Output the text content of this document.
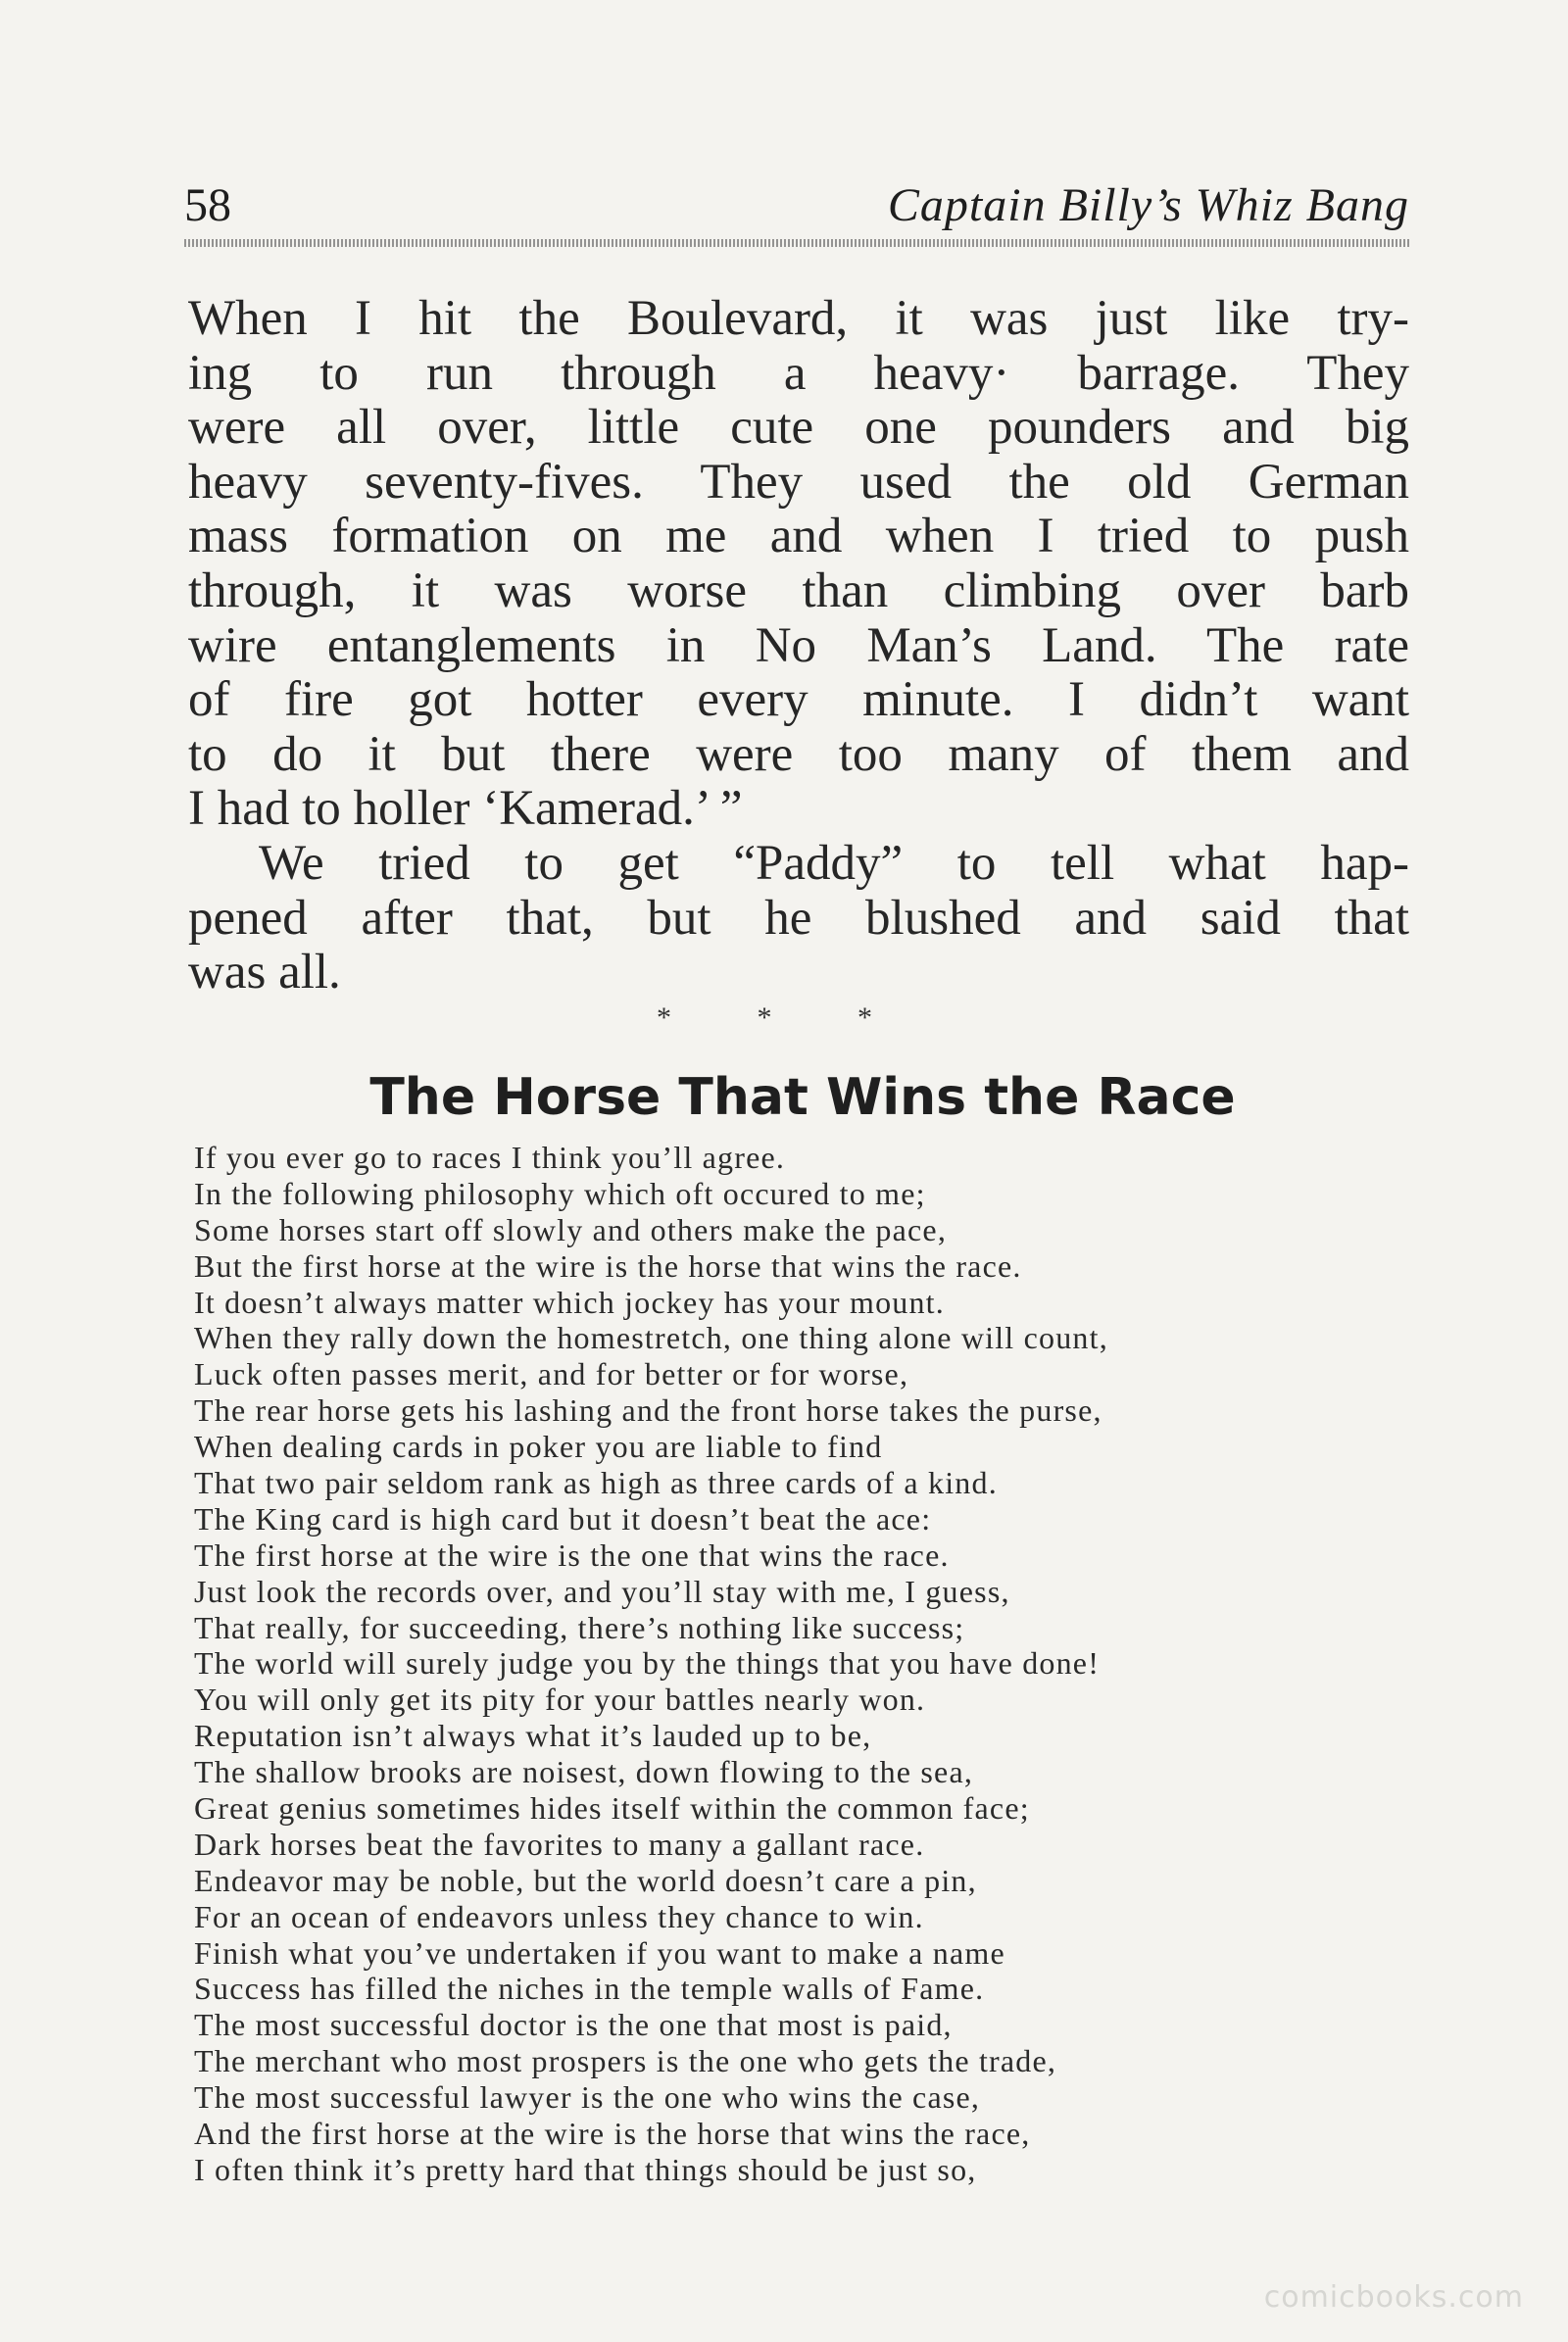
58	Captain Billy’s Whiz Bang
When I hit the Boulevard, it was just like try-
ing to run through a heavy· barrage. They
were all over, little cute one pounders and big
heavy seventy-fives. They used the old German
mass formation on me and when I tried to push
through, it was worse than climbing over barb
wire entanglements in No Man’s Land. The rate
of fire got hotter every minute. I didn’t want
to do it but there were too many of them and
I had to holler ‘Kamerad.’ ”
We tried to get “Paddy” to tell what hap-
pened after that, but he blushed and said that
was all.
* * *
The Horse That Wins the Race
If you ever go to races I think you’ll agree.
In the following philosophy which oft occured to me;
Some horses start off slowly and others make the pace,
But the first horse at the wire is the horse that wins the race.
It doesn’t always matter which jockey has your mount.
When they rally down the homestretch, one thing alone will count,
Luck often passes merit, and for better or for worse,
The rear horse gets his lashing and the front horse takes the purse,
When dealing cards in poker you are liable to find
That two pair seldom rank as high as three cards of a kind.
The King card is high card but it doesn’t beat the ace:
The first horse at the wire is the one that wins the race.
Just look the records over, and you’ll stay with me, I guess,
That really, for succeeding, there’s nothing like success;
The world will surely judge you by the things that you have done!
You will only get its pity for your battles nearly won.
Reputation isn’t always what it’s lauded up to be,
The shallow brooks are noisest, down flowing to the sea,
Great genius sometimes hides itself within the common face;
Dark horses beat the favorites to many a gallant race.
Endeavor may be noble, but the world doesn’t care a pin,
For an ocean of endeavors unless they chance to win.
Finish what you’ve undertaken if you want to make a name
Success has filled the niches in the temple walls of Fame.
The most successful doctor is the one that most is paid,
The merchant who most prospers is the one who gets the trade,
The most successful lawyer is the one who wins the case,
And the first horse at the wire is the horse that wins the race,
I often think it’s pretty hard that things should be just so,
comicbooks.com
